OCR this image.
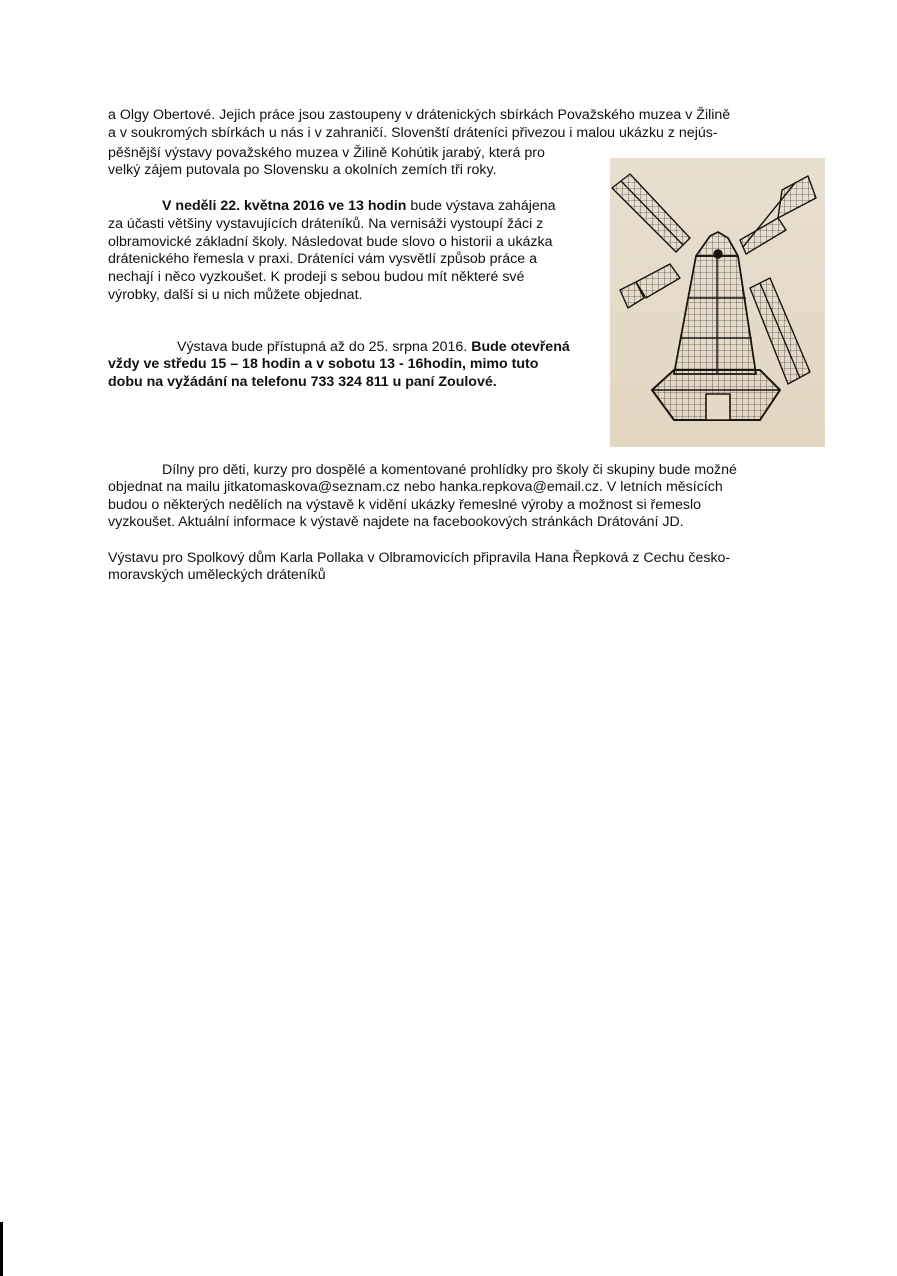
a Olgy Obertové. Jejich práce jsou zastoupeny v drátenických sbírkách Považského muzea v Žilině
a v soukromých sbírkách u nás i v zahraničí. Slovenští dráteníci přivezou i malou ukázku z nejús-
pěšnější výstavy považského muzea v Žilině Kohútik jarabý, která pro
velký zájem putovala po Slovensku a okolních zemích tři roky.
V neděli 22. května 2016 ve 13 hodin bude výstava zahájena
za účasti většiny vystavujících dráteníků. Na vernisáži vystoupí žáci z
olbramovické základní školy. Následovat bude slovo o historii a ukázka
drátenického řemesla v praxi. Dráteníci vám vysvětlí způsob práce a
nechají i něco vyzkoušet. K prodeji s sebou budou mít některé své
výrobky, další si u nich můžete objednat.
Výstava bude přístupná až do 25. srpna 2016. Bude otevřená
vždy ve středu 15 – 18 hodin a v sobotu 13 - 16hodin, mimo tuto
dobu na vyžádání na telefonu 733 324 811 u paní Zoulové.
Dílny pro děti, kurzy pro dospělé a komentované prohlídky pro školy či skupiny bude možné
objednat na mailu jitkatomaskova@seznam.cz nebo hanka.repkova@email.cz. V letních měsících
budou o některých nedělích na výstavě k vidění ukázky řemeslné výroby a možnost si řemeslo
vyzkoušet. Aktuální informace k výstavě najdete na facebookových stránkách Drátování JD.
Výstavu pro Spolkový dům Karla Pollaka v Olbramovicích připravila Hana Řepková z Cechu česko-
moravských uměleckých dráteníků
